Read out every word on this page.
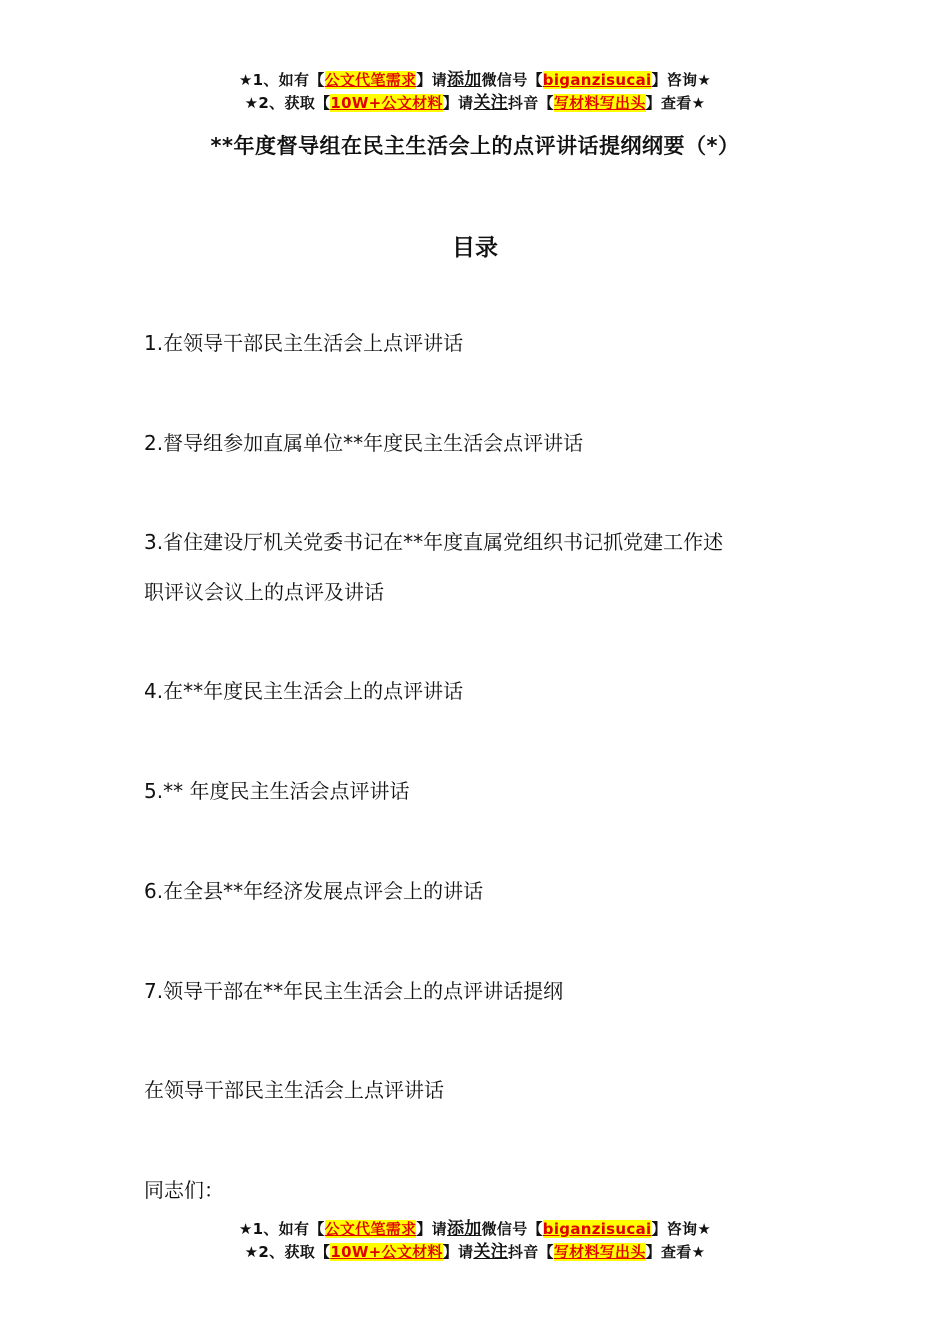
★1、如有【公文代笔需求】请添加微信号【biganzisucai】咨询★
★2、获取【10W+公文材料】请关注抖音【写材料写出头】查看★
**年度督导组在民主生活会上的点评讲话提纲纲要（*）
目录
1.在领导干部民主生活会上点评讲话
2.督导组参加直属单位**年度民主生活会点评讲话
3.省住建设厅机关党委书记在**年度直属党组织书记抓党建工作述
职评议会议上的点评及讲话
4.在**年度民主生活会上的点评讲话
5.** 年度民主生活会点评讲话
6.在全县**年经济发展点评会上的讲话
7.领导干部在**年民主生活会上的点评讲话提纲
在领导干部民主生活会上点评讲话
同志们：
★1、如有【公文代笔需求】请添加微信号【biganzisucai】咨询★
★2、获取【10W+公文材料】请关注抖音【写材料写出头】查看★
